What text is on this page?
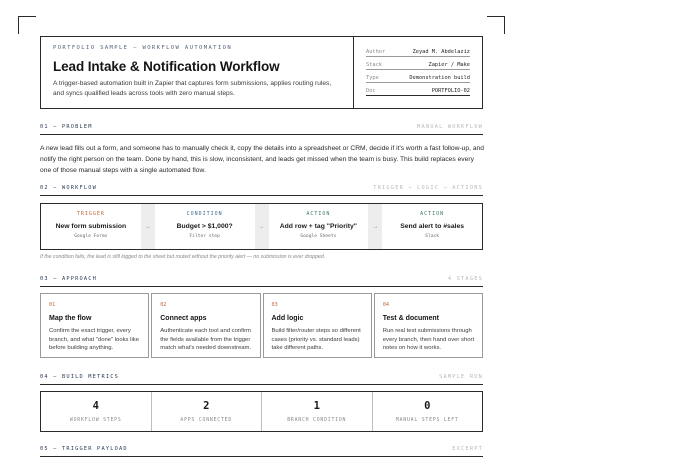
PORTFOLIO SAMPLE — WORKFLOW AUTOMATION
Lead Intake & Notification Workflow
A trigger-based automation built in Zapier that captures form submissions, applies routing rules, and syncs qualified leads across tools with zero manual steps.
Author	Zeyad M. Abdelaziz
Stack	Zapier / Make
Type	Demonstration build
Doc	PORTFOLIO-02
01 — PROBLEM	MANUAL WORKFLOW
A new lead fills out a form, and someone has to manually check it, copy the details into a spreadsheet or CRM, decide if it's worth a fast follow-up, and notify the right person on the team. Done by hand, this is slow, inconsistent, and leads get missed when the team is busy. This build replaces every one of those manual steps with a single automated flow.
02 — WORKFLOW	TRIGGER → LOGIC → ACTIONS
TRIGGER
New form submission
Google Forms
→
CONDITION
Budget > $1,000?
Filter step
→
ACTION
Add row + tag "Priority"
Google Sheets
→
ACTION
Send alert to #sales
Slack
If the condition fails, the lead is still logged to the sheet but routed without the priority alert — no submission is ever dropped.
03 — APPROACH	4 STAGES
01
Map the flow
Confirm the exact trigger, every branch, and what "done" looks like before building anything.
02
Connect apps
Authenticate each tool and confirm the fields available from the trigger match what's needed downstream.
03
Add logic
Build filter/router steps so different cases (priority vs. standard leads) take different paths.
04
Test & document
Run real test submissions through every branch, then hand over short notes on how it works.
04 — BUILD METRICS	SAMPLE RUN
4
WORKFLOW STEPS
2
APPS CONNECTED
1
BRANCH CONDITION
0
MANUAL STEPS LEFT
05 — TRIGGER PAYLOAD	EXCERPT
